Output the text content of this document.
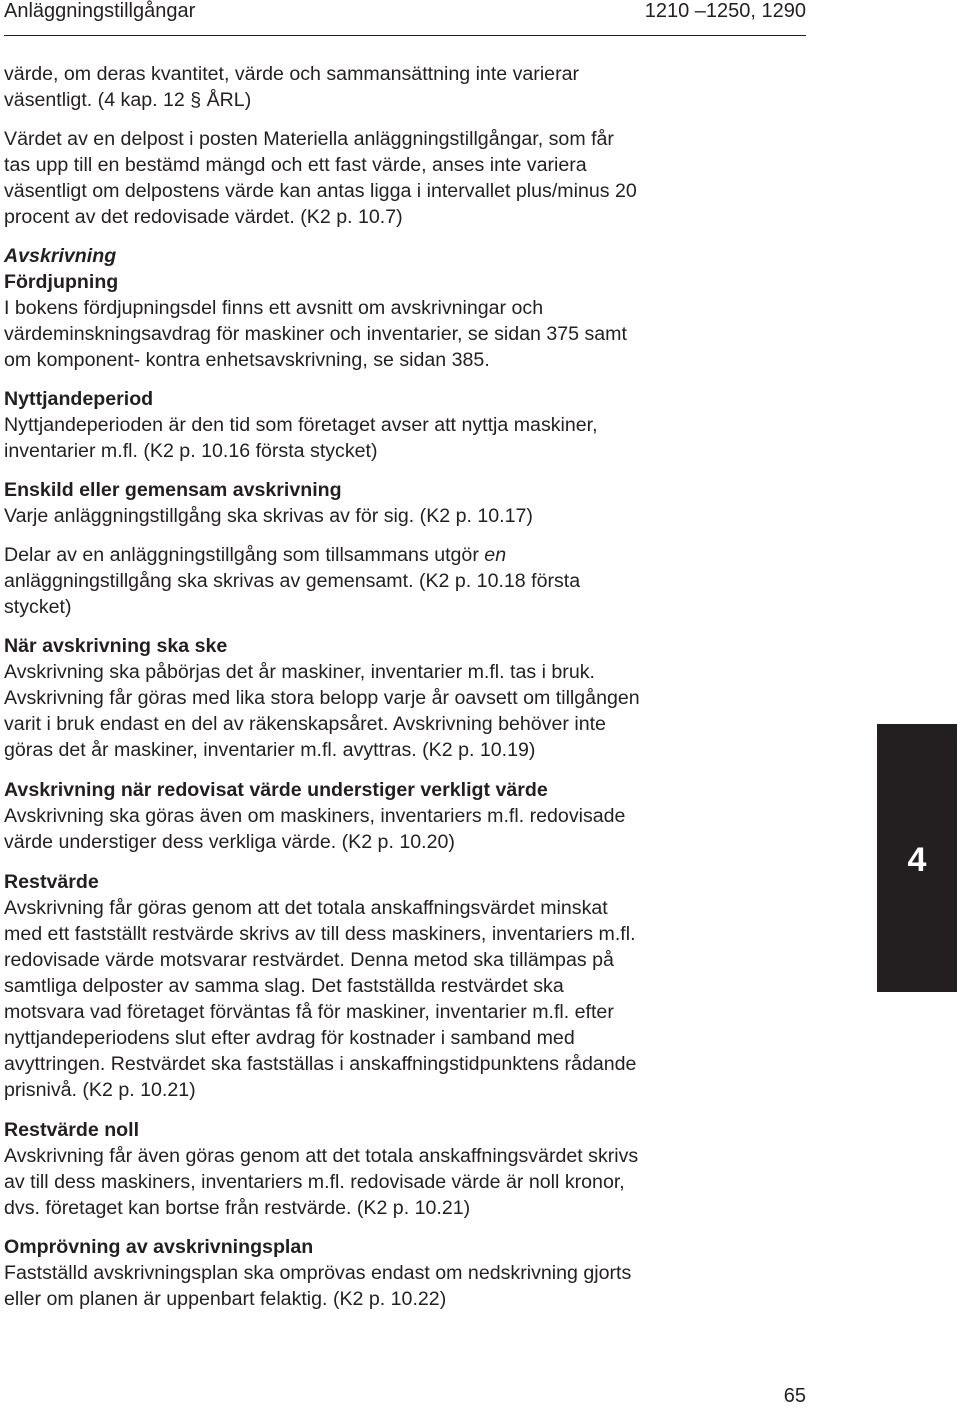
Anläggningstillgångar	1210 –1250, 1290

värde, om deras kvantitet, värde och sammansättning inte varierar väsentligt. (4 kap. 12 § ÅRL)

Värdet av en delpost i posten Materiella anläggningstillgångar, som får tas upp till en bestämd mängd och ett fast värde, anses inte variera väsentligt om delpostens värde kan antas ligga i intervallet plus/minus 20 procent av det redovisade värdet. (K2 p. 10.7)

Avskrivning
Fördjupning

I bokens fördjupningsdel finns ett avsnitt om avskrivningar och värdeminskningsavdrag för maskiner och inventarier, se sidan 375 samt om komponent- kontra enhetsavskrivning, se sidan 385.

Nyttjandeperiod

Nyttjandeperioden är den tid som företaget avser att nyttja maskiner, inventarier m.fl. (K2 p. 10.16 första stycket)

Enskild eller gemensam avskrivning

Varje anläggningstillgång ska skrivas av för sig. (K2 p. 10.17)

Delar av en anläggningstillgång som tillsammans utgör en anläggningstillgång ska skrivas av gemensamt. (K2 p. 10.18 första stycket)

När avskrivning ska ske

Avskrivning ska påbörjas det år maskiner, inventarier m.fl. tas i bruk. Avskrivning får göras med lika stora belopp varje år oavsett om tillgången varit i bruk endast en del av räkenskapsåret. Avskrivning behöver inte göras det år maskiner, inventarier m.fl. avyttras. (K2 p. 10.19)

Avskrivning när redovisat värde understiger verkligt värde

Avskrivning ska göras även om maskiners, inventariers m.fl. redovisade värde understiger dess verkliga värde. (K2 p. 10.20)

Restvärde

Avskrivning får göras genom att det totala anskaffningsvärdet minskat med ett fastställt restvärde skrivs av till dess maskiners, inventariers m.fl. redovisade värde motsvarar restvärdet. Denna metod ska tillämpas på samtliga delposter av samma slag. Det fastställda restvärdet ska motsvara vad företaget förväntas få för maskiner, inventarier m.fl. efter nyttjandeperiodens slut efter avdrag för kostnader i samband med avyttringen. Restvärdet ska fastställas i anskaffningstidpunktens rådande prisnivå. (K2 p. 10.21)

Restvärde noll

Avskrivning får även göras genom att det totala anskaffningsvärdet skrivs av till dess maskiners, inventariers m.fl. redovisade värde är noll kronor, dvs. företaget kan bortse från restvärde. (K2 p. 10.21)

Omprövning av avskrivningsplan

Fastställd avskrivningsplan ska omprövas endast om nedskrivning gjorts eller om planen är uppenbart felaktig. (K2 p. 10.22)

4
65
